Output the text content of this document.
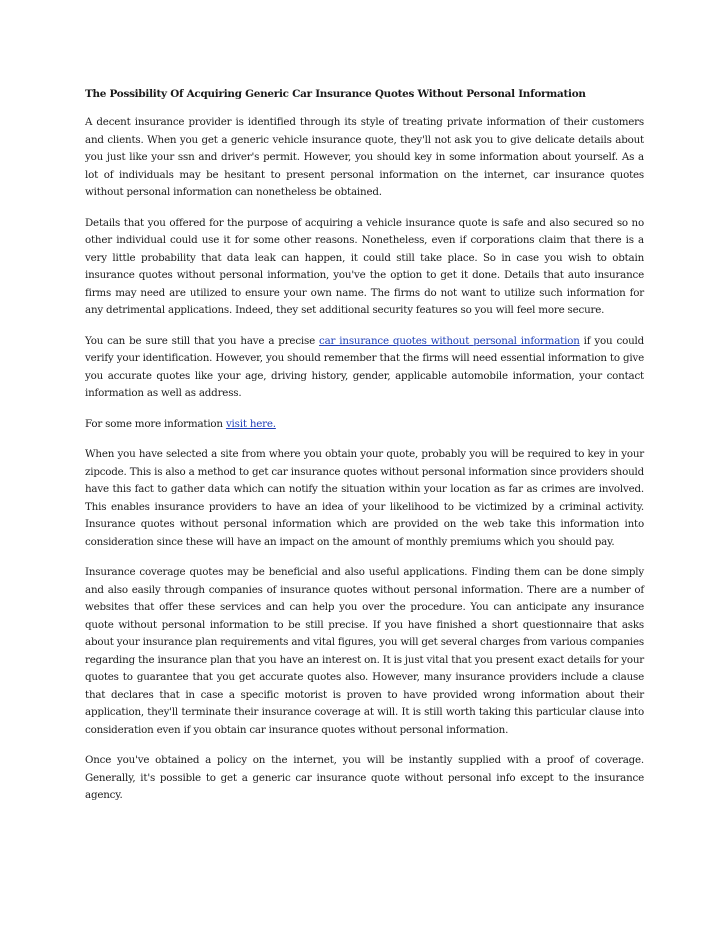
The Possibility Of Acquiring Generic Car Insurance Quotes Without Personal Information

A decent insurance provider is identified through its style of treating private information of their customers and clients. When you get a generic vehicle insurance quote, they'll not ask you to give delicate details about you just like your ssn and driver's permit. However, you should key in some information about yourself. As a lot of individuals may be hesitant to present personal information on the internet, car insurance quotes without personal information can nonetheless be obtained.

Details that you offered for the purpose of acquiring a vehicle insurance quote is safe and also secured so no other individual could use it for some other reasons. Nonetheless, even if corporations claim that there is a very little probability that data leak can happen, it could still take place. So in case you wish to obtain insurance quotes without personal information, you've the option to get it done. Details that auto insurance firms may need are utilized to ensure your own name. The firms do not want to utilize such information for any detrimental applications. Indeed, they set additional security features so you will feel more secure.

You can be sure still that you have a precise car insurance quotes without personal information if you could verify your identification. However, you should remember that the firms will need essential information to give you accurate quotes like your age, driving history, gender, applicable automobile information, your contact information as well as address.

For some more information visit here.

When you have selected a site from where you obtain your quote, probably you will be required to key in your zipcode. This is also a method to get car insurance quotes without personal information since providers should have this fact to gather data which can notify the situation within your location as far as crimes are involved. This enables insurance providers to have an idea of your likelihood to be victimized by a criminal activity. Insurance quotes without personal information which are provided on the web take this information into consideration since these will have an impact on the amount of monthly premiums which you should pay.

Insurance coverage quotes may be beneficial and also useful applications. Finding them can be done simply and also easily through companies of insurance quotes without personal information. There are a number of websites that offer these services and can help you over the procedure. You can anticipate any insurance quote without personal information to be still precise. If you have finished a short questionnaire that asks about your insurance plan requirements and vital figures, you will get several charges from various companies regarding the insurance plan that you have an interest on. It is just vital that you present exact details for your quotes to guarantee that you get accurate quotes also. However, many insurance providers include a clause that declares that in case a specific motorist is proven to have provided wrong information about their application, they'll terminate their insurance coverage at will. It is still worth taking this particular clause into consideration even if you obtain car insurance quotes without personal information.

Once you've obtained a policy on the internet, you will be instantly supplied with a proof of coverage. Generally, it's possible to get a generic car insurance quote without personal info except to the insurance agency.
